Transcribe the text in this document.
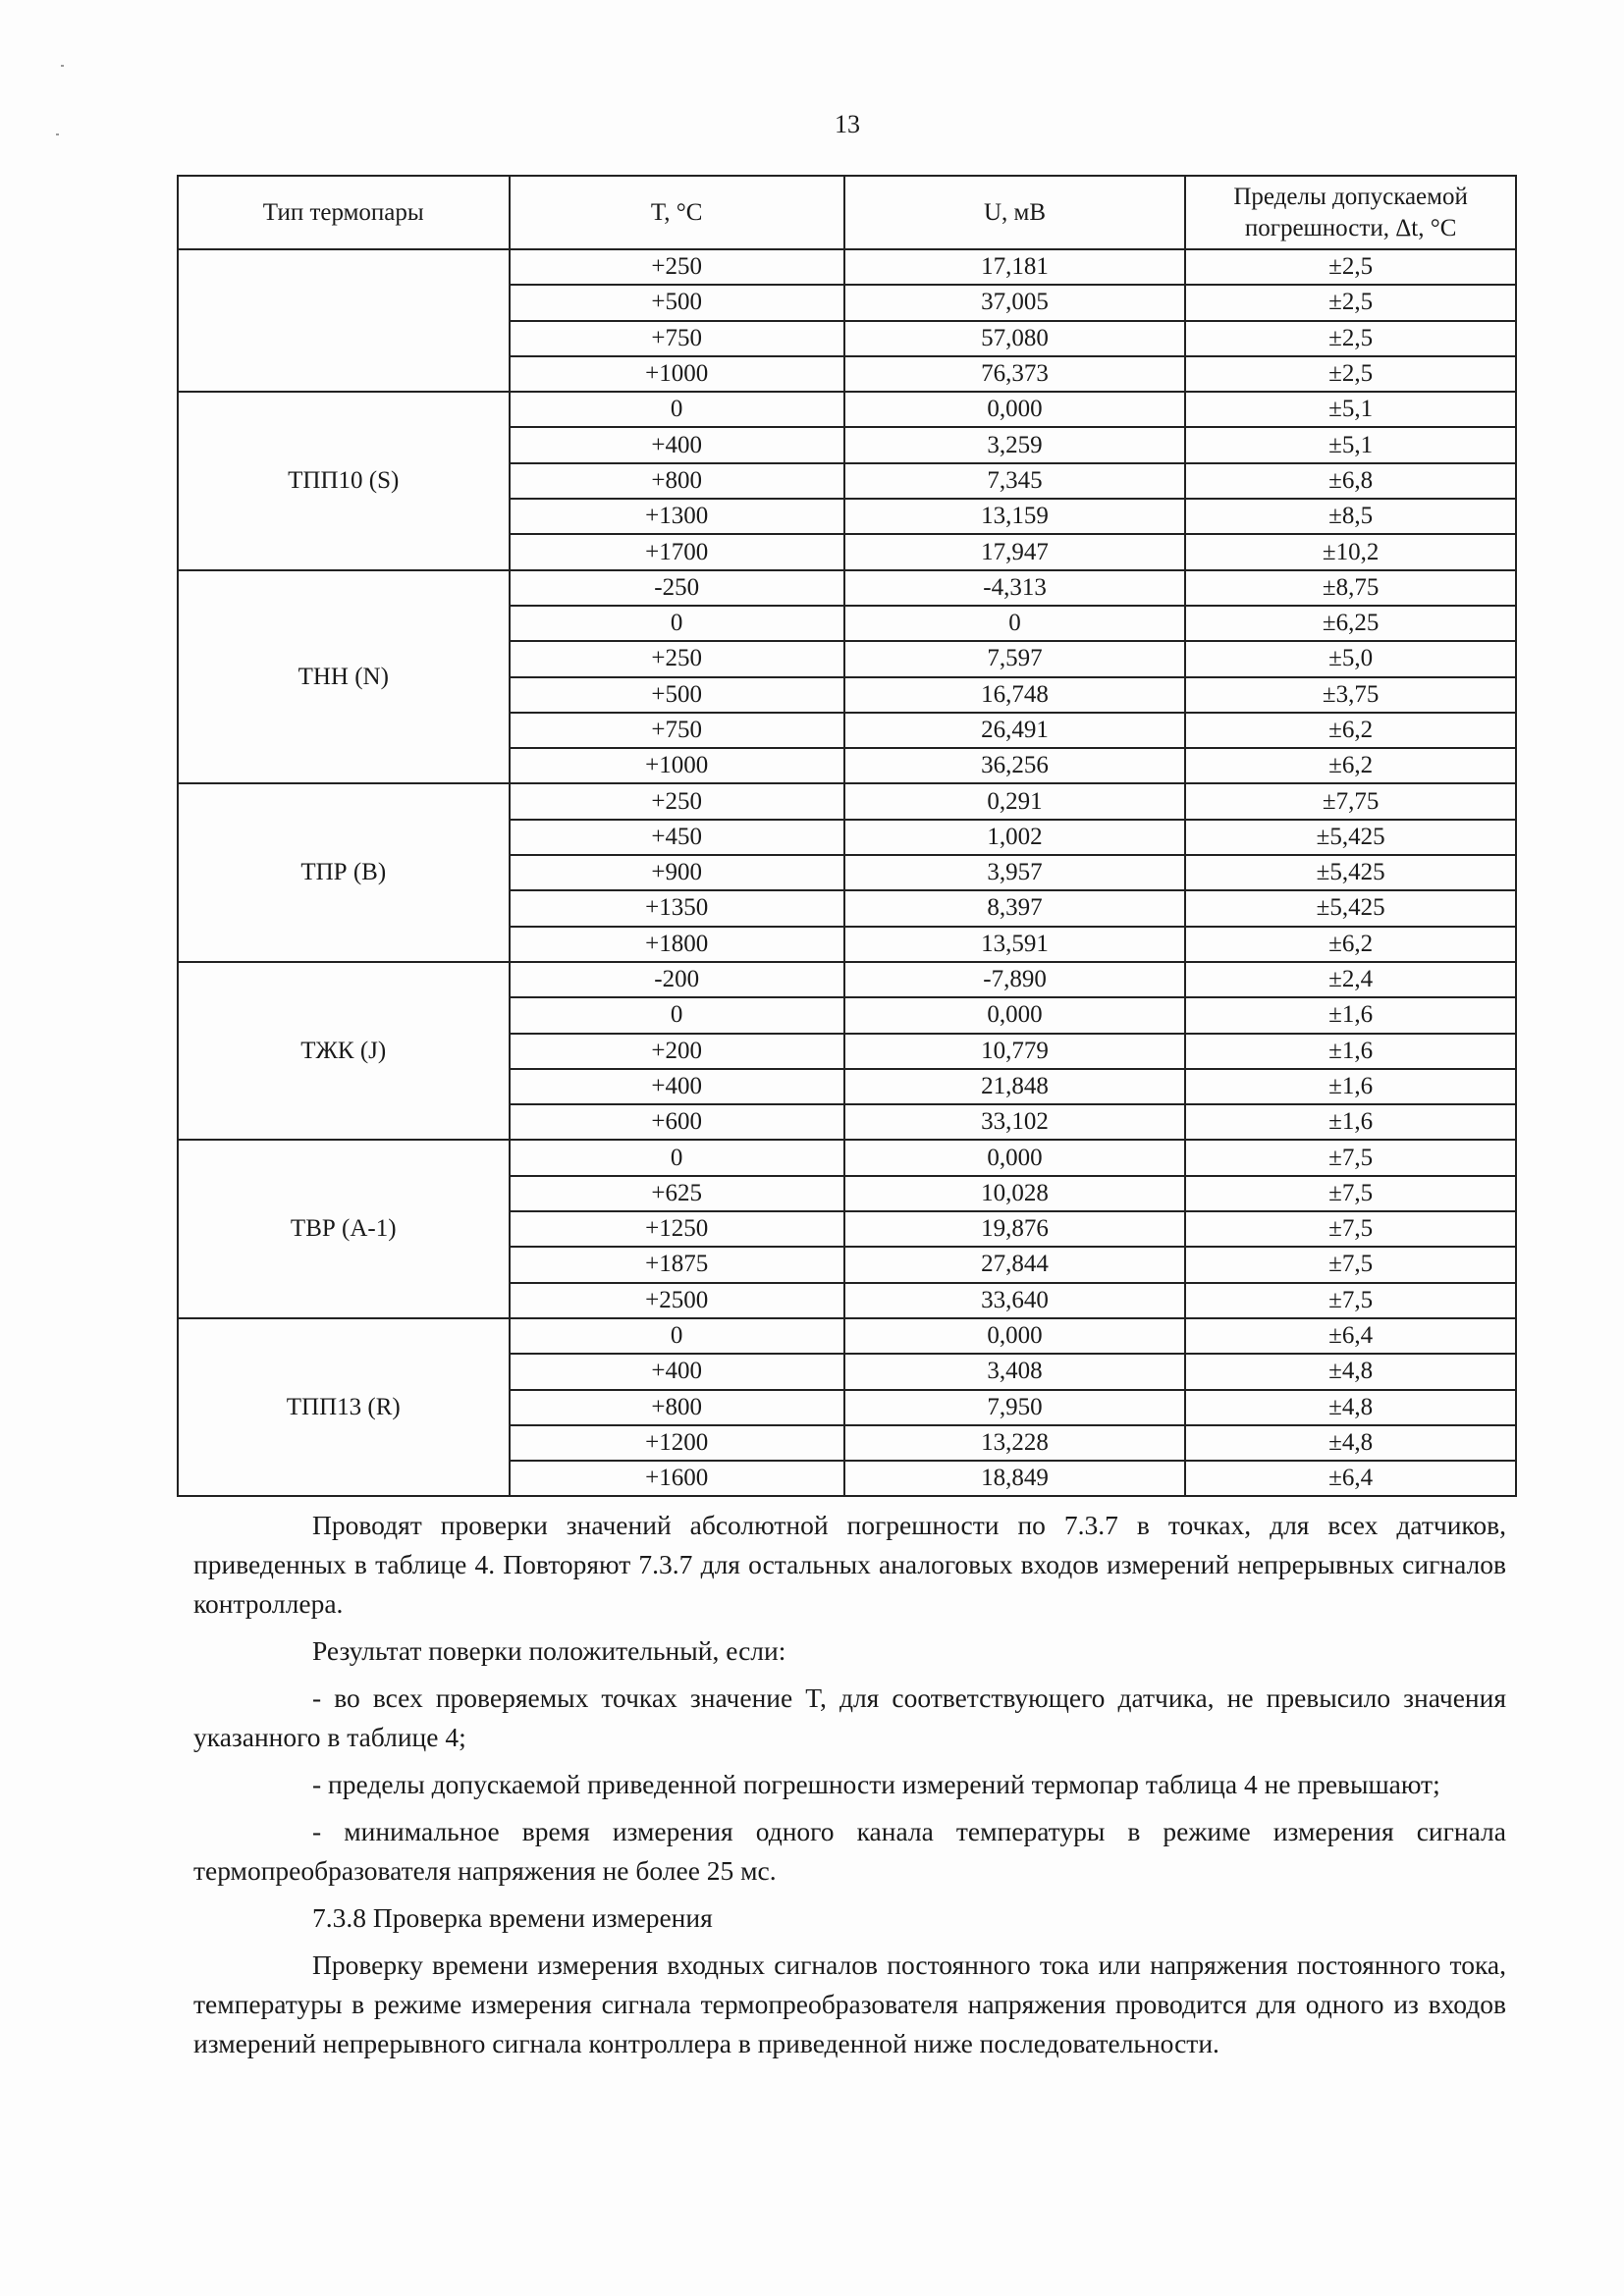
13
Тип термопары	T, °C	U, мВ	Пределы допускаемой погрешности, Δt, °C
	+250	17,181	±2,5
	+500	37,005	±2,5
	+750	57,080	±2,5
	+1000	76,373	±2,5
ТПП10 (S)	0	0,000	±5,1
	+400	3,259	±5,1
	+800	7,345	±6,8
	+1300	13,159	±8,5
	+1700	17,947	±10,2
ТНН (N)	-250	-4,313	±8,75
	0	0	±6,25
	+250	7,597	±5,0
	+500	16,748	±3,75
	+750	26,491	±6,2
	+1000	36,256	±6,2
ТПР (B)	+250	0,291	±7,75
	+450	1,002	±5,425
	+900	3,957	±5,425
	+1350	8,397	±5,425
	+1800	13,591	±6,2
ТЖК (J)	-200	-7,890	±2,4
	0	0,000	±1,6
	+200	10,779	±1,6
	+400	21,848	±1,6
	+600	33,102	±1,6
ТВР (А-1)	0	0,000	±7,5
	+625	10,028	±7,5
	+1250	19,876	±7,5
	+1875	27,844	±7,5
	+2500	33,640	±7,5
ТПП13 (R)	0	0,000	±6,4
	+400	3,408	±4,8
	+800	7,950	±4,8
	+1200	13,228	±4,8
	+1600	18,849	±6,4

Проводят проверки значений абсолютной погрешности по 7.3.7 в точках, для всех датчиков, приведенных в таблице 4. Повторяют 7.3.7 для остальных аналоговых входов измерений непрерывных сигналов контроллера.

Результат поверки положительный, если:

- во всех проверяемых точках значение T, для соответствующего датчика, не превысило значения указанного в таблице 4;

- пределы допускаемой приведенной погрешности измерений термопар таблица 4 не превышают;

- минимальное время измерения одного канала температуры в режиме измерения сигнала термопреобразователя напряжения не более 25 мс.

7.3.8 Проверка времени измерения

Проверку времени измерения входных сигналов постоянного тока или напряжения постоянного тока, температуры в режиме измерения сигнала термопреобразователя напряжения проводится для одного из входов измерений непрерывного сигнала контроллера в приведенной ниже последовательности.
